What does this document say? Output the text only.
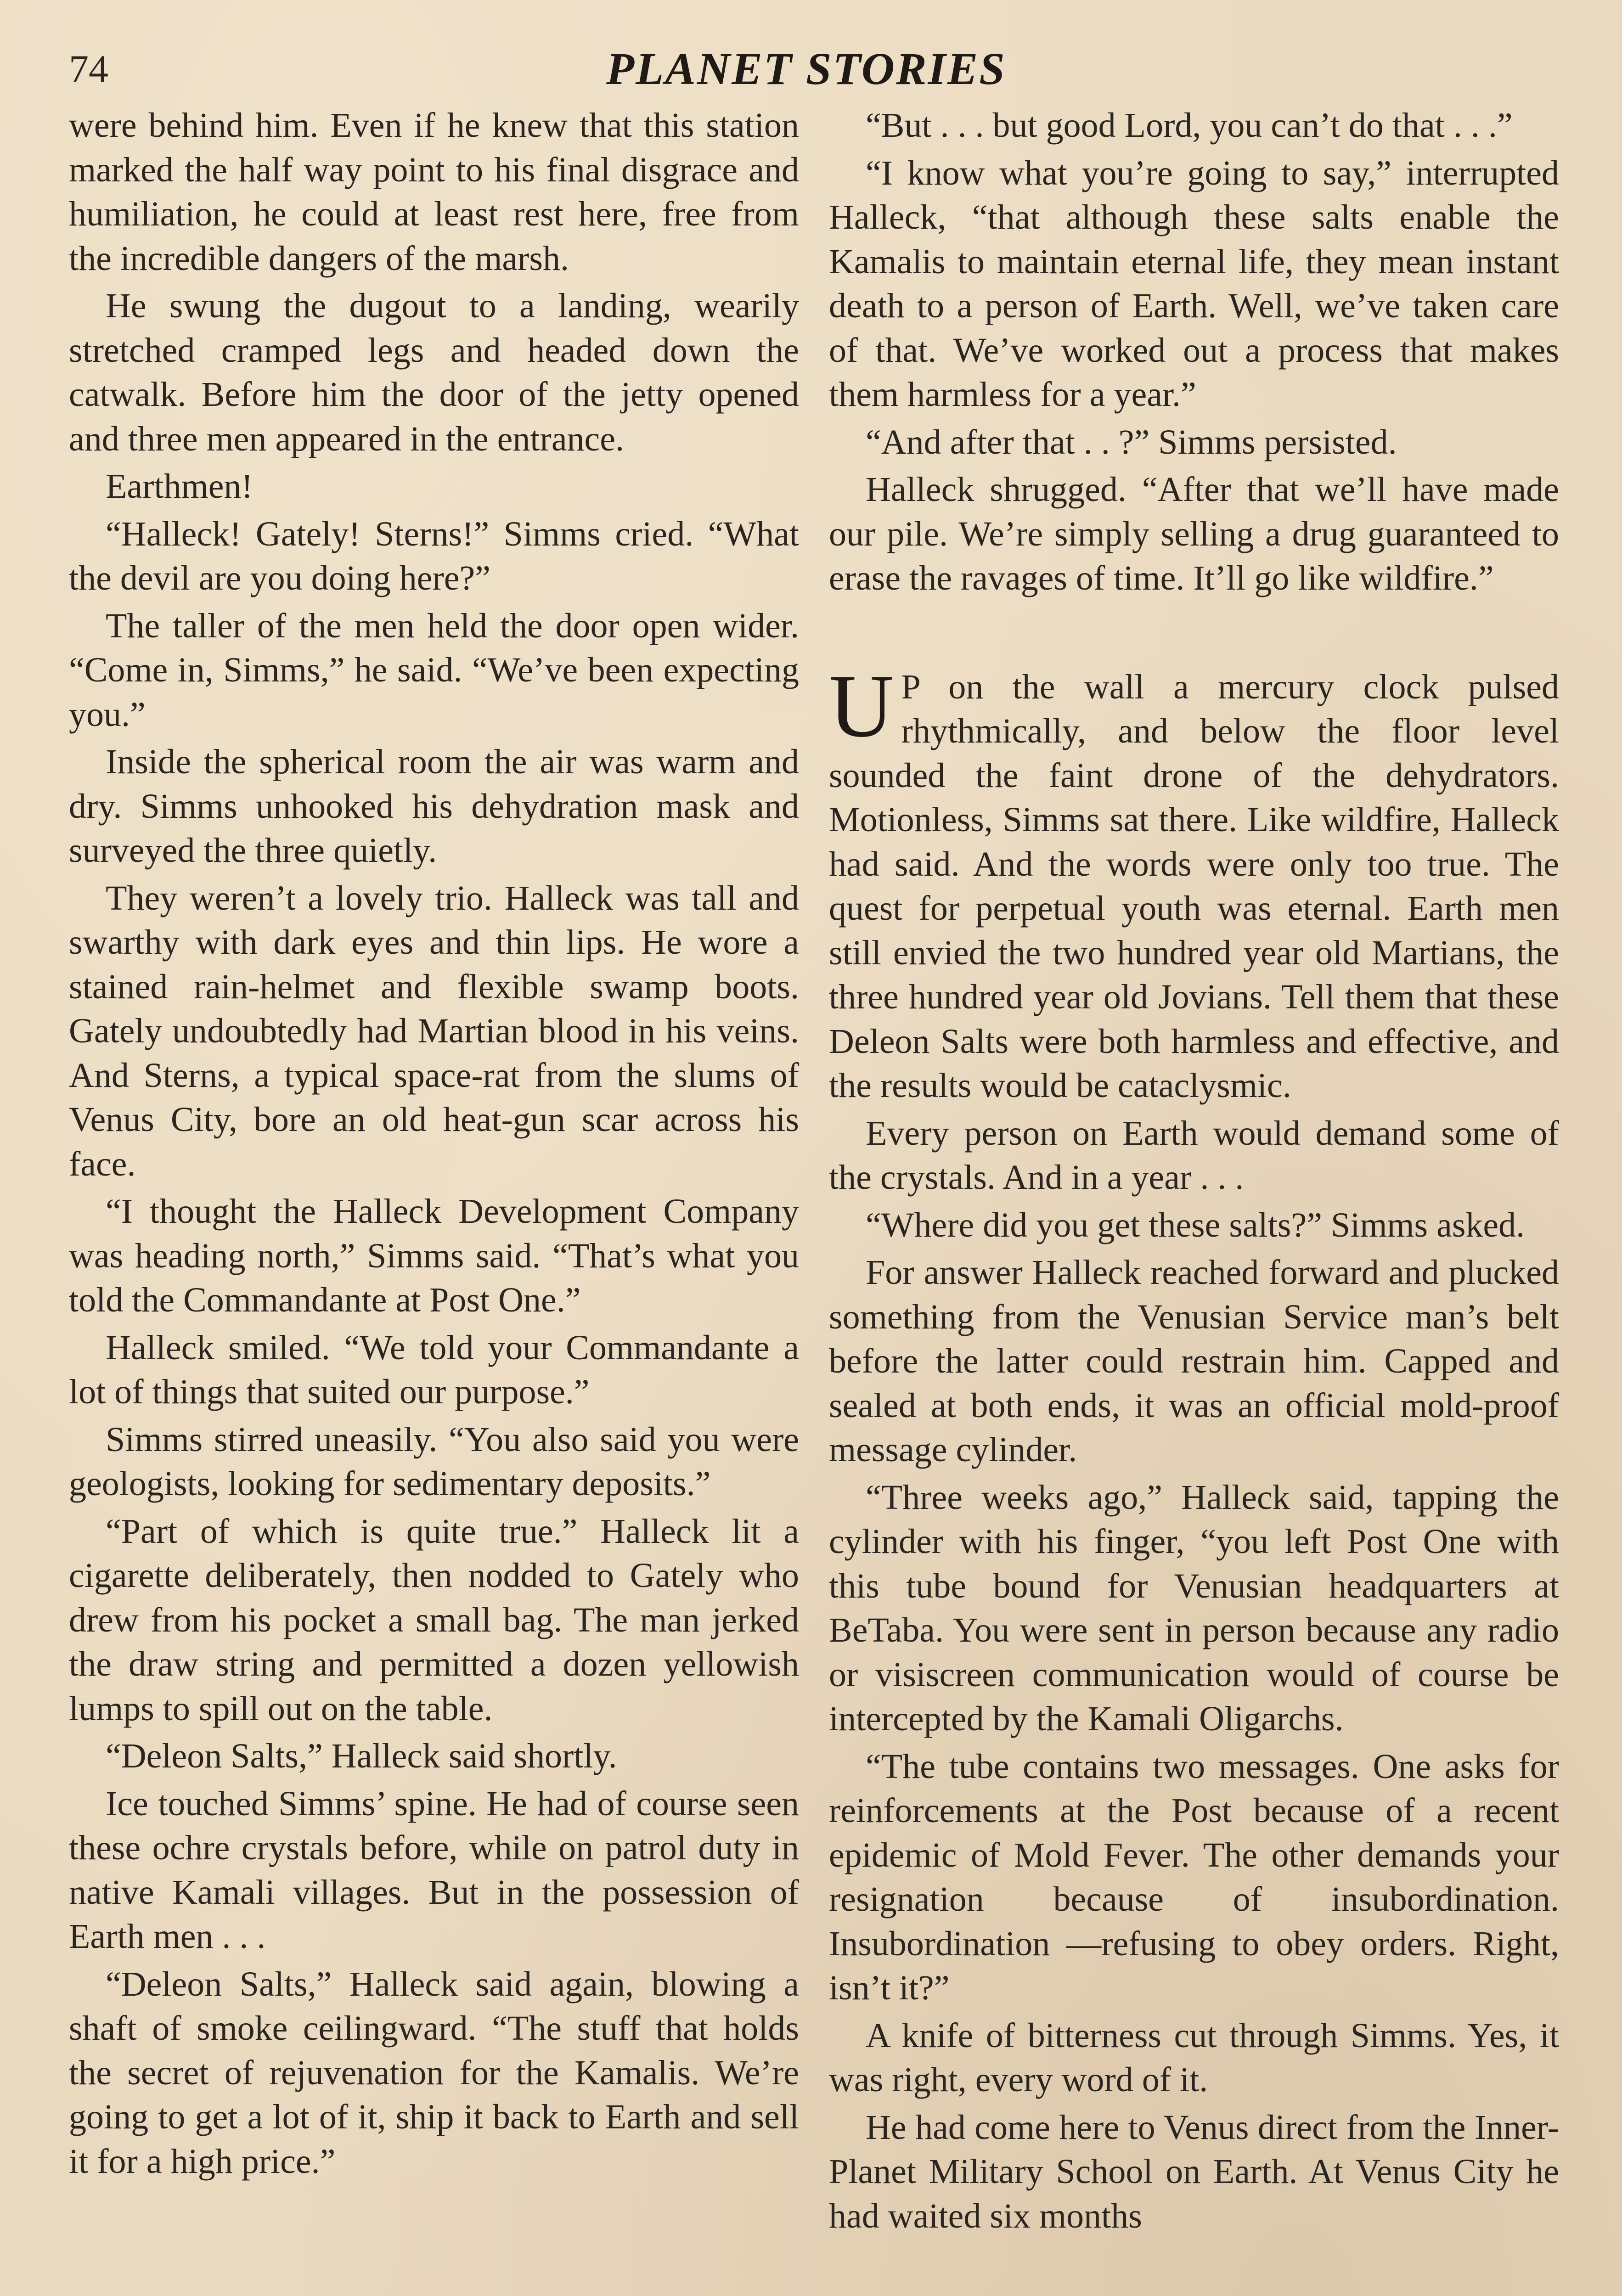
74	PLANET STORIES

were behind him. Even if he knew that this station marked the half way point to his final disgrace and humiliation, he could at least rest here, free from the incredible dangers of the marsh.

He swung the dugout to a landing, wearily stretched cramped legs and headed down the catwalk. Before him the door of the jetty opened and three men appeared in the entrance.

Earthmen!

“Halleck! Gately! Sterns!” Simms cried. “What the devil are you doing here?”

The taller of the men held the door open wider. “Come in, Simms,” he said. “We’ve been expecting you.”

Inside the spherical room the air was warm and dry. Simms unhooked his dehydration mask and surveyed the three quietly.

They weren’t a lovely trio. Halleck was tall and swarthy with dark eyes and thin lips. He wore a stained rain-helmet and flexible swamp boots. Gately undoubtedly had Martian blood in his veins. And Sterns, a typical space-rat from the slums of Venus City, bore an old heat-gun scar across his face.

“I thought the Halleck Development Company was heading north,” Simms said. “That’s what you told the Commandante at Post One.”

Halleck smiled. “We told your Commandante a lot of things that suited our purpose.”

Simms stirred uneasily. “You also said you were geologists, looking for sedimentary deposits.”

“Part of which is quite true.” Halleck lit a cigarette deliberately, then nodded to Gately who drew from his pocket a small bag. The man jerked the draw string and permitted a dozen yellowish lumps to spill out on the table.

“Deleon Salts,” Halleck said shortly.

Ice touched Simms’ spine. He had of course seen these ochre crystals before, while on patrol duty in native Kamali villages. But in the possession of Earth men . . .

“Deleon Salts,” Halleck said again, blowing a shaft of smoke ceilingward. “The stuff that holds the secret of rejuvenation for the Kamalis. We’re going to get a lot of it, ship it back to Earth and sell it for a high price.”

“But . . . but good Lord, you can’t do that . . .”

“I know what you’re going to say,” interrupted Halleck, “that although these salts enable the Kamalis to maintain eternal life, they mean instant death to a person of Earth. Well, we’ve taken care of that. We’ve worked out a process that makes them harmless for a year.”

“And after that . . ?” Simms persisted.

Halleck shrugged. “After that we’ll have made our pile. We’re simply selling a drug guaranteed to erase the ravages of time. It’ll go like wildfire.”

U P on the wall a mercury clock pulsed rhythmically, and below the floor level sounded the faint drone of the dehydrators. Motionless, Simms sat there. Like wildfire, Halleck had said. And the words were only too true. The quest for perpetual youth was eternal. Earth men still envied the two hundred year old Martians, the three hundred year old Jovians. Tell them that these Deleon Salts were both harmless and effective, and the results would be cataclysmic.

Every person on Earth would demand some of the crystals. And in a year . . .

“Where did you get these salts?” Simms asked.

For answer Halleck reached forward and plucked something from the Venusian Service man’s belt before the latter could restrain him. Capped and sealed at both ends, it was an official mold-proof message cylinder.

“Three weeks ago,” Halleck said, tapping the cylinder with his finger, “you left Post One with this tube bound for Venusian headquarters at BeTaba. You were sent in person because any radio or visiscreen communication would of course be intercepted by the Kamali Oligarchs.

“The tube contains two messages. One asks for reinforcements at the Post because of a recent epidemic of Mold Fever. The other demands your resignation because of insubordination. Insubordination —refusing to obey orders. Right, isn’t it?”

A knife of bitterness cut through Simms. Yes, it was right, every word of it.

He had come here to Venus direct from the Inner-Planet Military School on Earth. At Venus City he had waited six months
